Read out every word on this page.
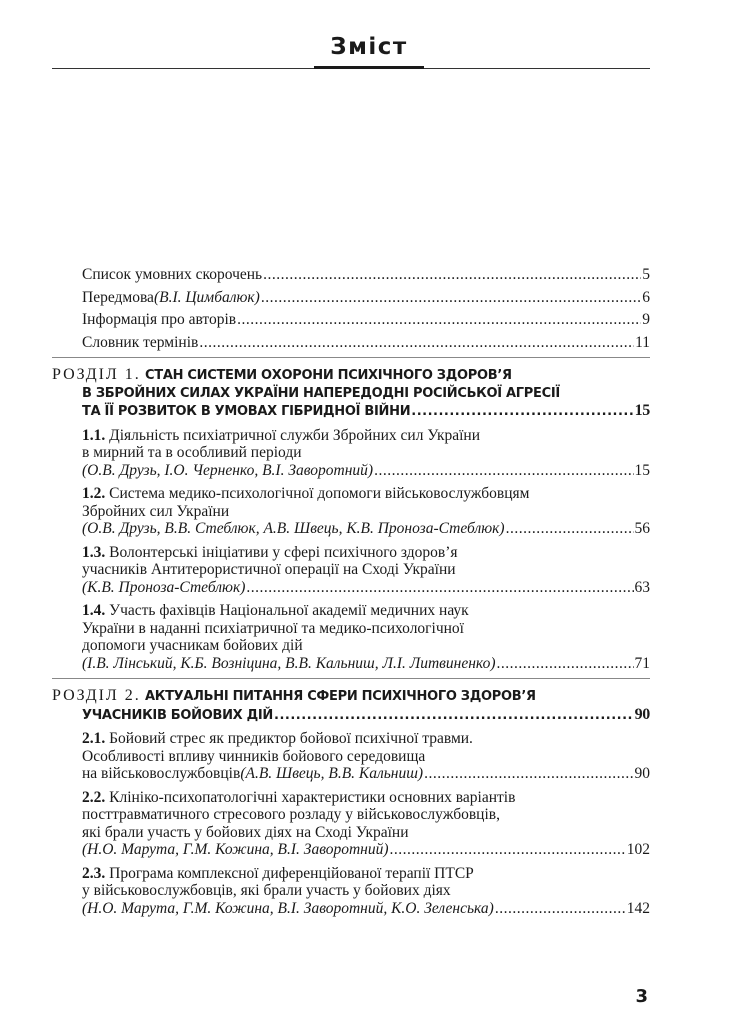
Зміст
Список умовних скорочень .....	5
Передмова (В.І. Цимбалюк) .....	6
Інформація про авторів .....	9
Словник термінів .....	11
РОЗДІЛ 1. СТАН СИСТЕМИ ОХОРОНИ ПСИХІЧНОГО ЗДОРОВ’Я
В ЗБРОЙНИХ СИЛАХ УКРАЇНИ НАПЕРЕДОДНІ РОСІЙСЬКОЇ АГРЕСІЇ
ТА ЇЇ РОЗВИТОК В УМОВАХ ГІБРИДНОЇ ВІЙНИ .....	15
1.1. Діяльність психіатричної служби Збройних сил України
в мирний та в особливий періоди
(О.В. Друзь, І.О. Черненко, В.І. Заворотний) .....	15
1.2. Система медико-психологічної допомоги військовослужбовцям
Збройних сил України
(О.В. Друзь, В.В. Стеблюк, А.В. Швець, К.В. Проноза-Стеблюк) .....	56
1.3. Волонтерські ініціативи у сфері психічного здоров’я
учасників Антитерористичної операції на Сході України
(К.В. Проноза-Стеблюк) .....	63
1.4. Участь фахівців Національної академії медичних наук
України в наданні психіатричної та медико-психологічної
допомоги учасникам бойових дій
(І.В. Лінський, К.Б. Возніцина, В.В. Кальниш, Л.І. Литвиненко) .....	71
РОЗДІЛ 2. АКТУАЛЬНІ ПИТАННЯ СФЕРИ ПСИХІЧНОГО ЗДОРОВ’Я
УЧАСНИКІВ БОЙОВИХ ДІЙ .....	90
2.1. Бойовий стрес як предиктор бойової психічної травми.
Особливості впливу чинників бойового середовища
на військовослужбовців (А.В. Швець, В.В. Кальниш) .....	90
2.2. Клініко-психопатологічні характеристики основних варіантів
посттравматичного стресового розладу у військовослужбовців,
які брали участь у бойових діях на Сході України
(Н.О. Марута, Г.М. Кожина, В.І. Заворотний) .....	102
2.3. Програма комплексної диференційованої терапії ПТСР
у військовослужбовців, які брали участь у бойових діях
(Н.О. Марута, Г.М. Кожина, В.І. Заворотний, К.О. Зеленська) .....	142
3
